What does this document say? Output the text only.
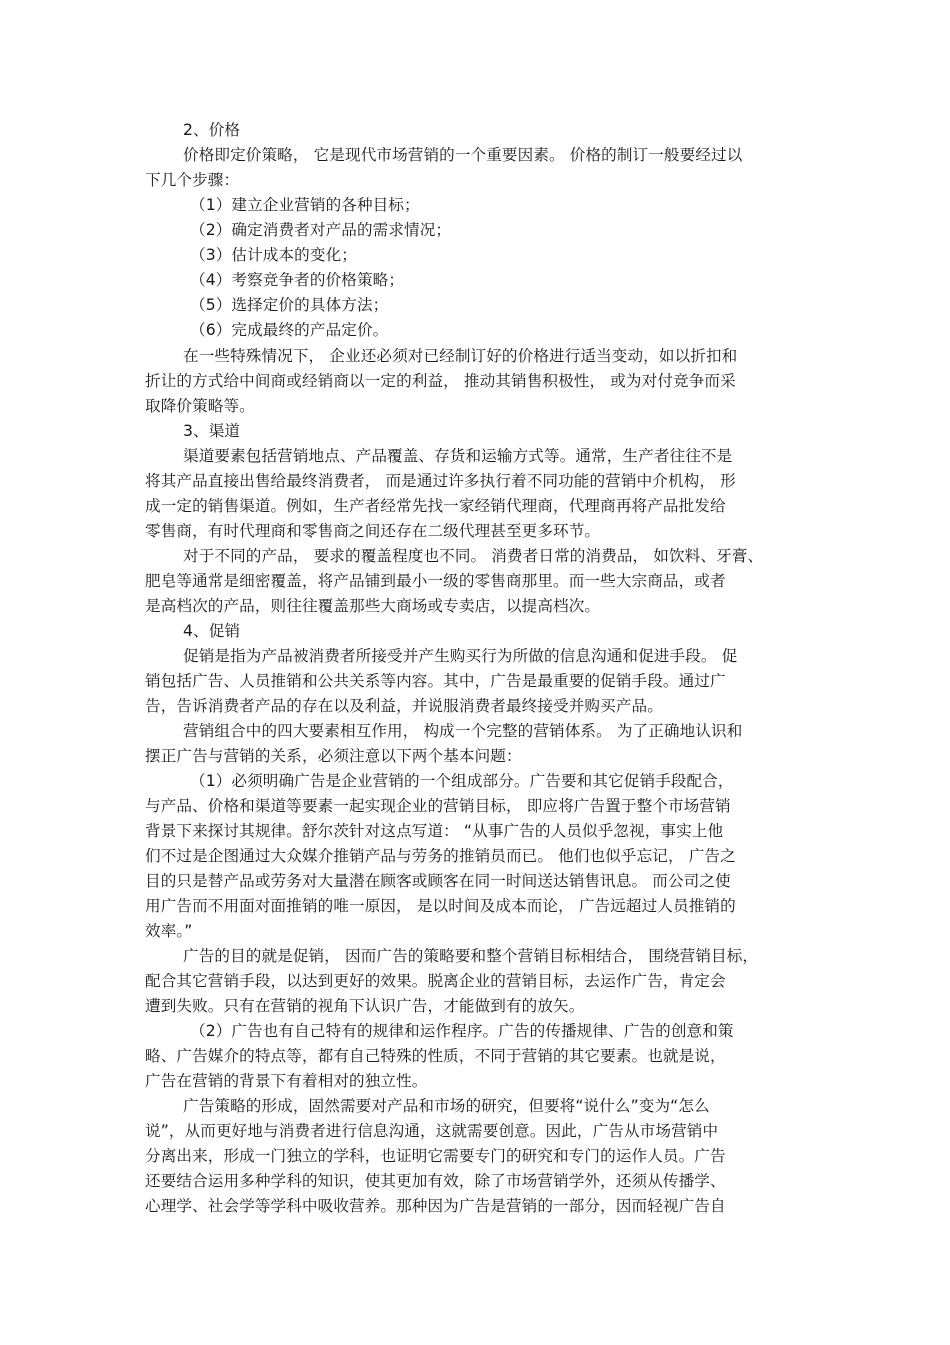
2、价格
价格即定价策略， 它是现代市场营销的一个重要因素。 价格的制订一般要经过以
下几个步骤：
（1）建立企业营销的各种目标；
（2）确定消费者对产品的需求情况；
（3）估计成本的变化；
（4）考察竞争者的价格策略；
（5）选择定价的具体方法；
（6）完成最终的产品定价。
在一些特殊情况下， 企业还必须对已经制订好的价格进行适当变动，如以折扣和
折让的方式给中间商或经销商以一定的利益， 推动其销售积极性， 或为对付竞争而采
取降价策略等。
3、渠道
渠道要素包括营销地点、产品覆盖、存货和运输方式等。通常，生产者往往不是
将其产品直接出售给最终消费者， 而是通过许多执行着不同功能的营销中介机构， 形
成一定的销售渠道。例如，生产者经常先找一家经销代理商，代理商再将产品批发给
零售商，有时代理商和零售商之间还存在二级代理甚至更多环节。
对于不同的产品， 要求的覆盖程度也不同。 消费者日常的消费品， 如饮料、牙膏、
肥皂等通常是细密覆盖，将产品铺到最小一级的零售商那里。而一些大宗商品，或者
是高档次的产品，则往往覆盖那些大商场或专卖店，以提高档次。
4、促销
促销是指为产品被消费者所接受并产生购买行为所做的信息沟通和促进手段。 促
销包括广告、人员推销和公共关系等内容。其中，广告是最重要的促销手段。通过广
告，告诉消费者产品的存在以及利益，并说服消费者最终接受并购买产品。
营销组合中的四大要素相互作用， 构成一个完整的营销体系。 为了正确地认识和
摆正广告与营销的关系，必须注意以下两个基本问题：
（1）必须明确广告是企业营销的一个组成部分。广告要和其它促销手段配合，
与产品、价格和渠道等要素一起实现企业的营销目标， 即应将广告置于整个市场营销
背景下来探讨其规律。舒尔茨针对这点写道： “从事广告的人员似乎忽视，事实上他
们不过是企图通过大众媒介推销产品与劳务的推销员而已。 他们也似乎忘记， 广告之
目的只是替产品或劳务对大量潜在顾客或顾客在同一时间送达销售讯息。 而公司之使
用广告而不用面对面推销的唯一原因， 是以时间及成本而论， 广告远超过人员推销的
效率。”
广告的目的就是促销， 因而广告的策略要和整个营销目标相结合， 围绕营销目标，
配合其它营销手段，以达到更好的效果。脱离企业的营销目标，去运作广告，肯定会
遭到失败。只有在营销的视角下认识广告，才能做到有的放矢。
（2）广告也有自己特有的规律和运作程序。广告的传播规律、广告的创意和策
略、广告媒介的特点等，都有自己特殊的性质，不同于营销的其它要素。也就是说，
广告在营销的背景下有着相对的独立性。
广告策略的形成，固然需要对产品和市场的研究，但要将“说什么”变为“怎么
说”，从而更好地与消费者进行信息沟通，这就需要创意。因此，广告从市场营销中
分离出来，形成一门独立的学科，也证明它需要专门的研究和专门的运作人员。广告
还要结合运用多种学科的知识，使其更加有效，除了市场营销学外，还须从传播学、
心理学、社会学等学科中吸收营养。那种因为广告是营销的一部分，因而轻视广告自
